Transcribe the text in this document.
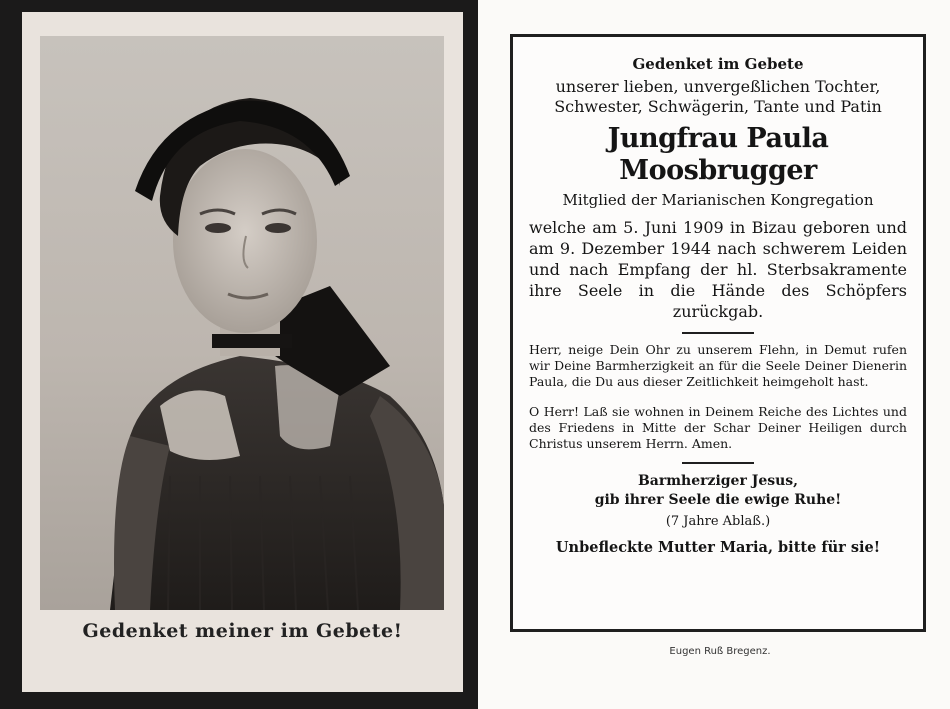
Gedenket meiner im Gebete!
Gedenket im Gebete
unserer lieben, unvergeßlichen Tochter, Schwester, Schwägerin, Tante und Patin
Jungfrau Paula Moosbrugger
Mitglied der Marianischen Kongregation
welche am 5. Juni 1909 in Bizau geboren und am 9. Dezember 1944 nach schwerem Leiden und nach Empfang der hl. Sterbsakramente ihre Seele in die Hände des Schöpfers zurückgab.
Herr, neige Dein Ohr zu unserem Flehn, in Demut rufen wir Deine Barmherzigkeit an für die Seele Deiner Dienerin Paula, die Du aus dieser Zeitlichkeit heimgeholt hast.
O Herr! Laß sie wohnen in Deinem Reiche des Lichtes und des Friedens in Mitte der Schar Deiner Heiligen durch Christus unserem Herrn. Amen.
Barmherziger Jesus,
gib ihrer Seele die ewige Ruhe!
(7 Jahre Ablaß.)
Unbefleckte Mutter Maria, bitte für sie!
Eugen Ruß Bregenz.
